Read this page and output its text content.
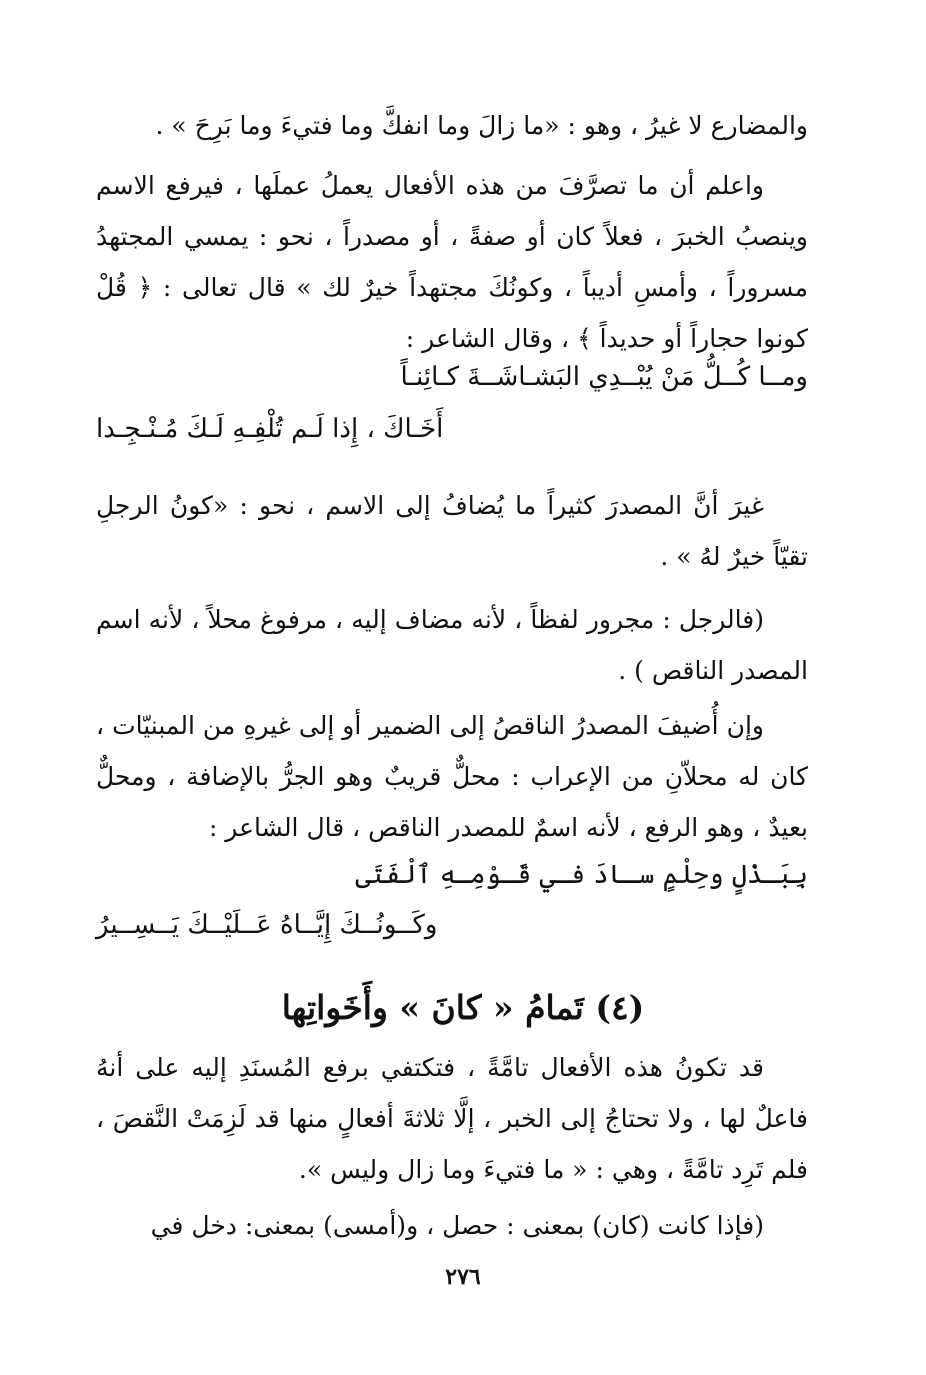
والمضارع لا غيرُ ، وهو : «ما زالَ وما انفكَّ وما فتيءَ وما بَرِحَ » .

واعلم أن ما تصرَّفَ من هذه الأفعال يعملُ عملَها ، فيرفع الاسم وينصبُ الخبرَ ، فعلاً كان أو صفةً ، أو مصدراً ، نحو : يمسي المجتهدُ مسروراً ، وأمسِ أديباً ، وكونُكَ مجتهداً خيرٌ لك » قال تعالى : ﴿ قُلْ كونوا حجاراً أو حديداً ﴾ ، وقال الشاعر :

ومــا كُــلُّ مَنْ يُبْــدِي البَشـاشَــةَ كـائِنـاً
أَخَـاكَ ، إِذا لَـم تُلْفِـهِ لَـكَ مُـنْـجِـدا

غيرَ أنَّ المصدرَ كثيراً ما يُضافُ إلى الاسم ، نحو : «كونُ الرجلِ تقيّاً خيرٌ لهُ » .

(فالرجل : مجرور لفظاً ، لأنه مضاف إليه ، مرفوغ محلاً ، لأنه اسم المصدر الناقص ) .

وإن أُضيفَ المصدرُ الناقصُ إلى الضمير أو إلى غيرهِ من المبنيّات ، كان له محلاّنِ من الإعراب : محلٌّ قريبٌ وهو الجرُّ بالإضافة ، ومحلٌّ بعيدٌ ، وهو الرفع ، لأنه اسمٌ للمصدر الناقص ، قال الشاعر :

بِبَـذْلٍ وحِلْمٍ سـادَ فـي قَـوْمِـهِ ٱلْفَتَى
وكَــونُــكَ إِيَّــاهُ عَــلَيْــكَ يَــسِــيرُ
(٤) تَمامُ « كانَ » وأَخَواتِها

قد تكونُ هذه الأفعال تامَّةً ، فتكتفي برفع المُسنَدِ إليه على أنهُ فاعلٌ لها ، ولا تحتاجُ إلى الخبر ، إلَّا ثلاثةَ أفعالٍ منها قد لَزِمَتْ النَّقصَ ، فلم تَرِد تامَّةً ، وهي : « ما فتيءَ وما زال وليس ».

(فإذا كانت (كان) بمعنى : حصل ، و(أمسى) بمعنى: دخل في

٢٧٦
